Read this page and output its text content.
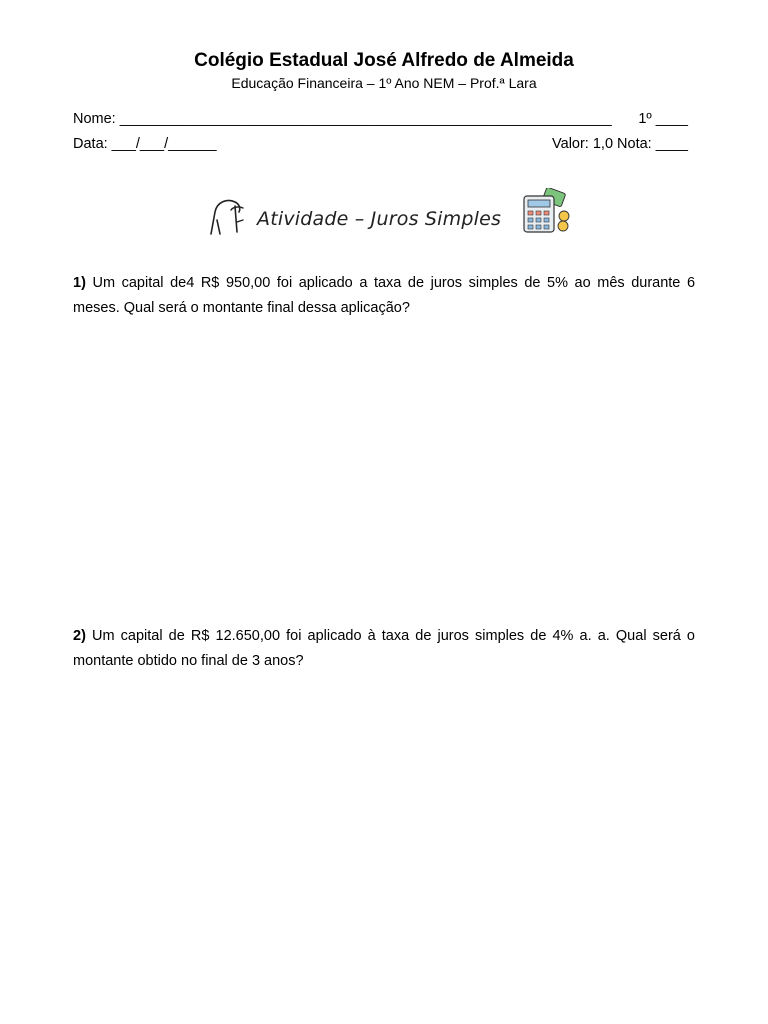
Colégio Estadual José Alfredo de Almeida
Educação Financeira – 1º Ano NEM – Prof.ª Lara
Nome: _____________________________________________________________ 1º ____
Data: ___/___/______	Valor: 1,0 Nota: ____
Atividade – Juros Simples
1) Um capital de4 R$ 950,00 foi aplicado a taxa de juros simples de 5% ao mês durante 6 meses. Qual será o montante final dessa aplicação?
2) Um capital de R$ 12.650,00 foi aplicado à taxa de juros simples de 4% a. a. Qual será o montante obtido no final de 3 anos?
